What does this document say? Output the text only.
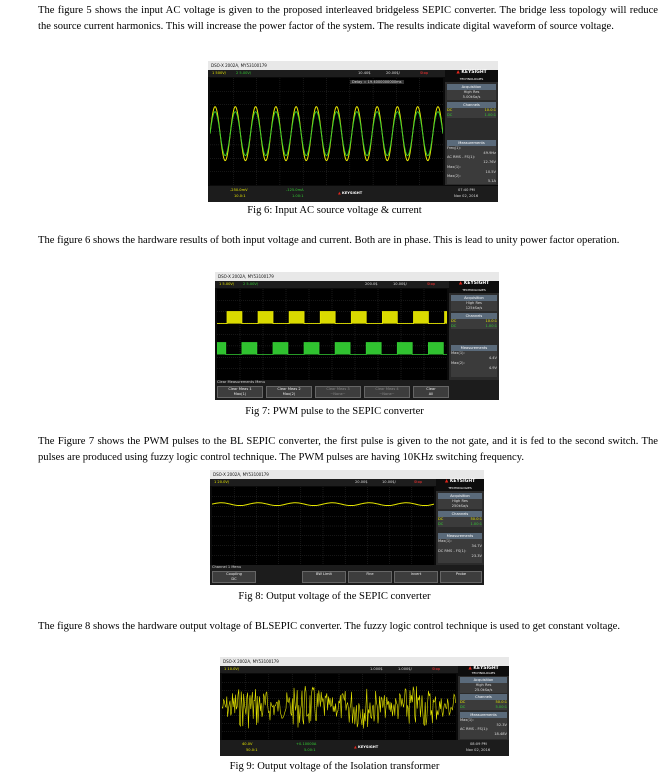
The figure 5 shows the input AC voltage is given to the proposed interleaved bridgeless SEPIC converter. The bridge less topology will reduce the source current harmonics. This will increase the power factor of the system. The results indicate digital waveform of source voltage.

DSO-X 2002A, MY53100179
1 500V/	2 5.00V/	10.40$	20.00$/	Stop
Delay = 19.4000000000ms
▲ KEYSIGHT
TECHNOLOGIES
Acquisition
High Res
5.00kSa/s
Channels
DC	10.0:1

DC	1.00:1
Measurements
Freq(1):

49.9Hz

AC RMS - FS(1):

12.76V

Max(1):

10.5V

Max(2):

5.1A
-250.0mV
10.0:1
-125.0mA
1.00:1
▲ KEYSIGHT
07:40 PM
Nov 02, 2016
Fig 6: Input AC source voltage & current

The figure 6 shows the hardware results of both input voltage and current. Both are in phase. This is lead to unity power factor operation.

DSO-X 2002A, MY53100179
1 5.00V/ 2 5.00V/	200.0$	10.00$/	Stop	▲ KEYSIGHT
TECHNOLOGIES
Acquisition
High Res
125kSa/s
Channels
DC	10.0:1

DC	1.00:1
Measurements
Max(1):

4.4V

Max(2):

4.9V
Clear Measurements Menu
Clear Meas 1
Max(1)
Clear Meas 2
Max(2)
Clear Meas 3
~None~
Clear Meas 4
~None~
Clear
All
Fig 7: PWM pulse to the SEPIC converter

The Figure 7 shows the PWM pulses to the BL SEPIC converter, the first pulse is given to the not gate, and it is fed to the second switch. The pulses are produced using fuzzy logic control technique. The PWM pulses are having 10KHz switching frequency.

DSO-X 2002A, MY53100179
1 20.0V/	20.00$	10.00$/	Stop	▲ KEYSIGHT
TECHNOLOGIES
Acquisition
High Res
250kSa/s
Channels
DC	50.0:1

DC	1.00:1
Measurements
Max(1):

34.7V

DC RMS - FS(1):

23.3V
Channel 1 Menu
Coupling
DC
BW Limit	Fine	Invert	Probe
Fig 8: Output voltage of the SEPIC converter

The figure 8 shows the hardware output voltage of BLSEPIC converter. The fuzzy logic control technique is used to get constant voltage.

DSO-X 2002A, MY53100179
1 10.0V/	1.000$	1.000$/	Stop	▲ KEYSIGHT
TECHNOLOGIES
Acquisition
High Res
25.0kSa/s
Channels
DC	50.0:1

DC	5.00:1
Measurements
Max(1):

52.3V

AC RMS - FS(1):

18.48V
40.0V
50.0:1
+0.10000A
5.00:1
▲ KEYSIGHT
08:09 PM
Nov 02, 2016
Fig 9: Output voltage of the Isolation transformer
